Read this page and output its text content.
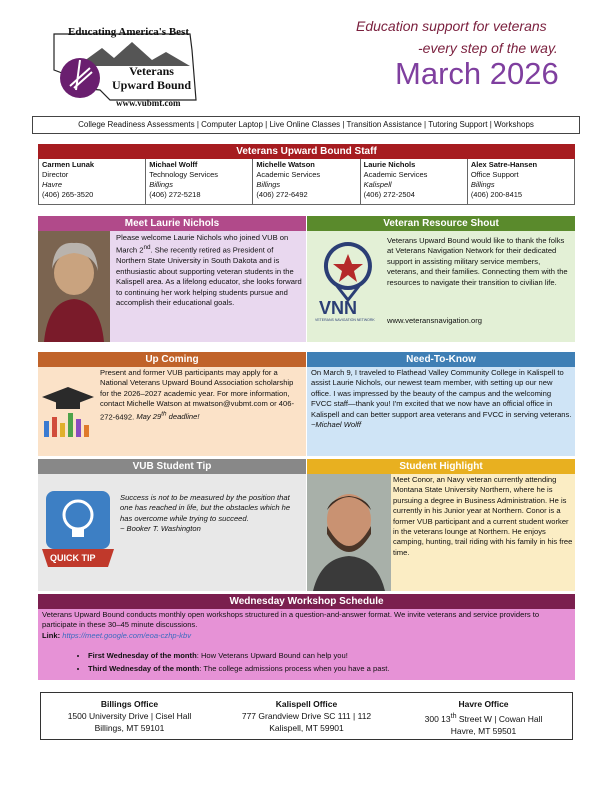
Educating America's Best
Veterans
Upward Bound
www.vubmt.com
Education support for veterans
-every step of the way.
March 2026
College Readiness Assessments | Computer Laptop | Live Online Classes | Transition Assistance | Tutoring Support | Workshops
Veterans Upward Bound Staff
Carmen Lunak
Director
Havre
(406) 265-3520
Michael Wolff
Technology Services
Billings
(406) 272-5218
Michelle Watson
Academic Services
Billings
(406) 272-6492
Laurie Nichols
Academic Services
Kalispell
(406) 272-2504
Alex Satre-Hansen
Office Support
Billings
(406) 200-8415
Meet Laurie Nichols
Please welcome Laurie Nichols who joined VUB on March 2nd. She recently retired as President of Northern State University in South Dakota and is enthusiastic about supporting veteran students in the Kalispell area. As a lifelong educator, she looks forward to continuing her work helping students pursue and accomplish their educational goals.
Veteran Resource Shout
VNN
VETERANS NAVIGATION NETWORK
Veterans Upward Bound would like to thank the folks at Veterans Navigation Network for their dedicated support in assisting military service members, veterans, and their families. Connecting them with the resources to navigate their transition to civilian life.
www.veteransnavigation.org
Up Coming
Present and former VUB participants may apply for a National Veterans Upward Bound Association scholarship for the 2026–2027 academic year. For more information, contact Michelle Watson at mwatson@vubmt.com or 406-272-6492. May 29th deadline!
Need-To-Know
On March 9, I traveled to Flathead Valley Community College in Kalispell to assist Laurie Nichols, our newest team member, with setting up our new office. I was impressed by the beauty of the campus and the welcoming FVCC staff—thank you! I'm excited that we now have an official office in Kalispell and can better support area veterans and FVCC in serving veterans.
~Michael Wolff
VUB Student Tip
QUICK TIP
Success is not to be measured by the position that one has reached in life, but the obstacles which he has overcome while trying to succeed.
~ Booker T. Washington
Student Highlight
Meet Conor, an Navy veteran currently attending Montana State University Northern, where he is pursuing a degree in Business Administration. He is currently in his Junior year at Northern. Conor is a former VUB participant and a current student worker in the veterans lounge at Northern. He enjoys camping, hunting, trail riding with his family in his free time.
Wednesday Workshop Schedule
Veterans Upward Bound conducts monthly open workshops structured in a question-and-answer format. We invite veterans and service providers to participate in these 30–45 minute discussions.
Link: https://meet.google.com/eoa-czhp-kbv
• First Wednesday of the month: How Veterans Upward Bound can help you!
• Third Wednesday of the month: The college admissions process when you have a past.
Billings Office
1500 University Drive | Cisel Hall
Billings, MT 59101
Kalispell Office
777 Grandview Drive SC 111 | 112
Kalispell, MT 59901
Havre Office
300 13th Street W | Cowan Hall
Havre, MT 59501
